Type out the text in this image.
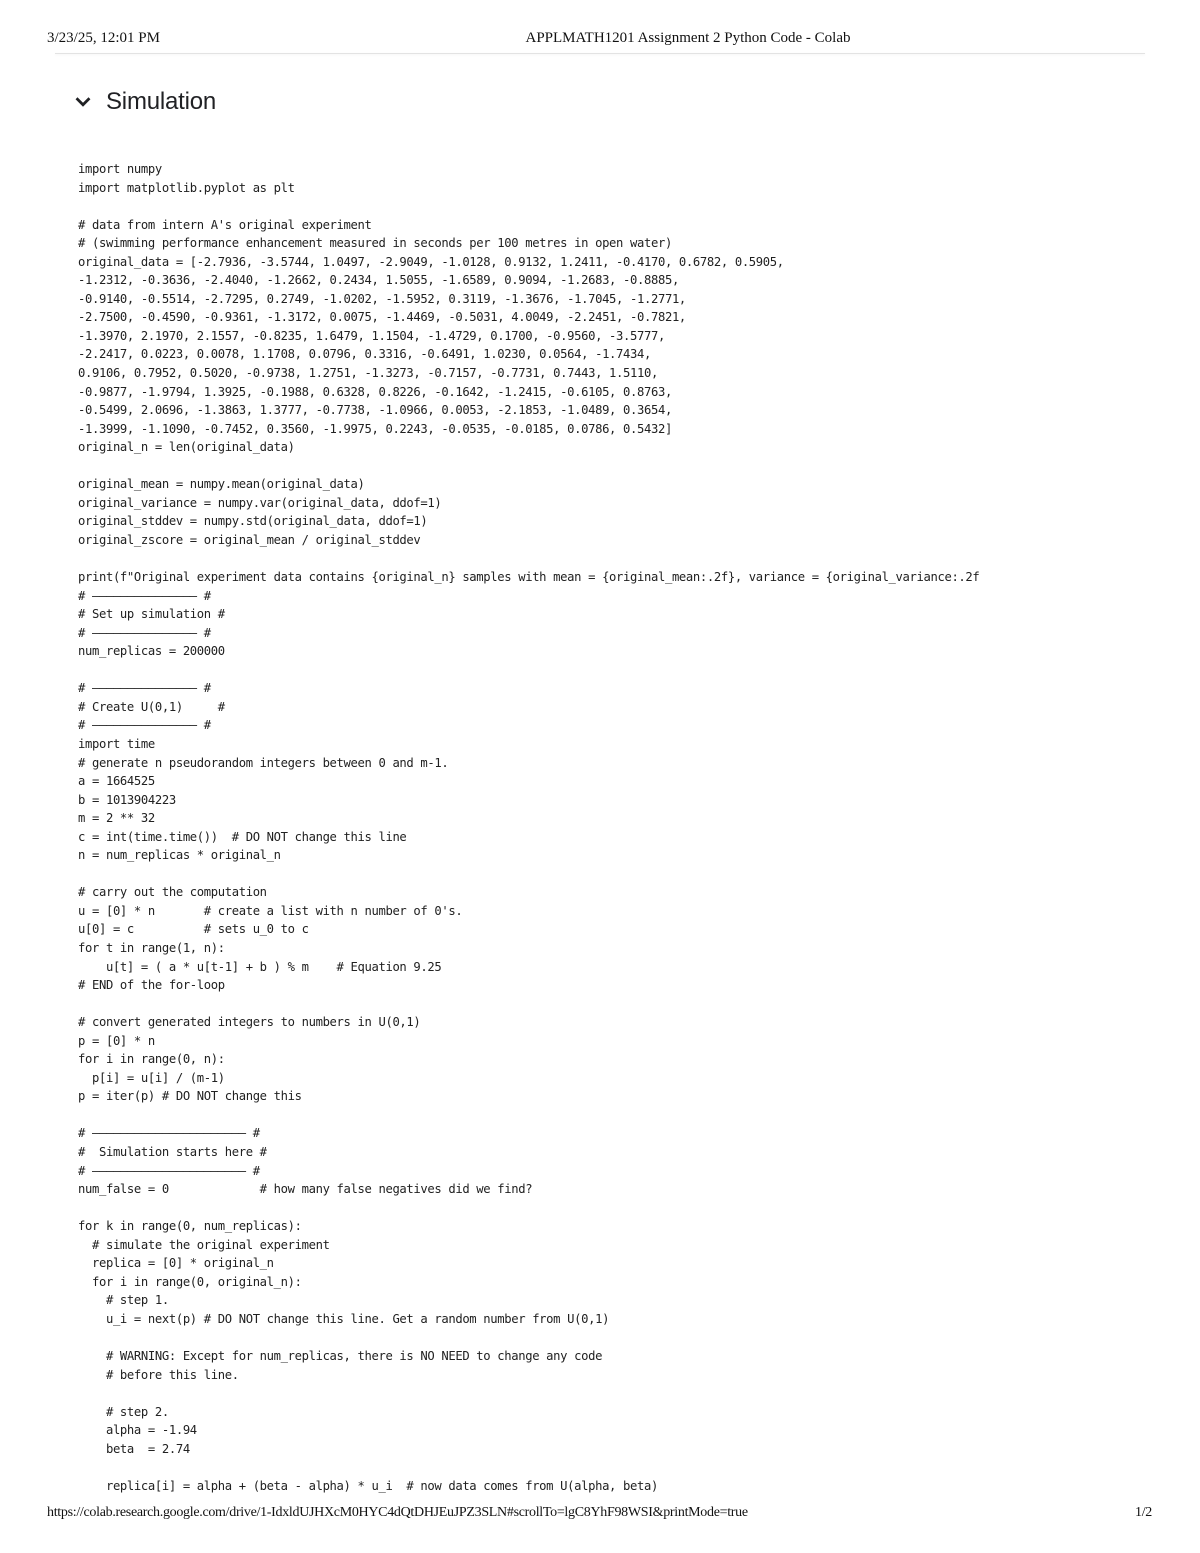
3/23/25, 12:01 PM	APPLMATH1201 Assignment 2 Python Code - Colab
Simulation
import numpy
import matplotlib.pyplot as plt

# data from intern A's original experiment
# (swimming performance enhancement measured in seconds per 100 metres in open water)
original_data = [-2.7936, -3.5744, 1.0497, -2.9049, -1.0128, 0.9132, 1.2411, -0.4170, 0.6782, 0.5905,
-1.2312, -0.3636, -2.4040, -1.2662, 0.2434, 1.5055, -1.6589, 0.9094, -1.2683, -0.8885,
-0.9140, -0.5514, -2.7295, 0.2749, -1.0202, -1.5952, 0.3119, -1.3676, -1.7045, -1.2771,
-2.7500, -0.4590, -0.9361, -1.3172, 0.0075, -1.4469, -0.5031, 4.0049, -2.2451, -0.7821,
-1.3970, 2.1970, 2.1557, -0.8235, 1.6479, 1.1504, -1.4729, 0.1700, -0.9560, -3.5777,
-2.2417, 0.0223, 0.0078, 1.1708, 0.0796, 0.3316, -0.6491, 1.0230, 0.0564, -1.7434,
0.9106, 0.7952, 0.5020, -0.9738, 1.2751, -1.3273, -0.7157, -0.7731, 0.7443, 1.5110,
-0.9877, -1.9794, 1.3925, -0.1988, 0.6328, 0.8226, -0.1642, -1.2415, -0.6105, 0.8763,
-0.5499, 2.0696, -1.3863, 1.3777, -0.7738, -1.0966, 0.0053, -2.1853, -1.0489, 0.3654,
-1.3999, -1.1090, -0.7452, 0.3560, -1.9975, 0.2243, -0.0535, -0.0185, 0.0786, 0.5432]
original_n = len(original_data)

original_mean = numpy.mean(original_data)
original_variance = numpy.var(original_data, ddof=1)
original_stddev = numpy.std(original_data, ddof=1)
original_zscore = original_mean / original_stddev

print(f"Original experiment data contains {original_n} samples with mean = {original_mean:.2f}, variance = {original_variance:.2f
# ——————————————— #
# Set up simulation #
# ——————————————— #
num_replicas = 200000

# ——————————————— #
# Create U(0,1)     #
# ——————————————— #
import time
# generate n pseudorandom integers between 0 and m-1.
a = 1664525
b = 1013904223
m = 2 ** 32
c = int(time.time())  # DO NOT change this line
n = num_replicas * original_n

# carry out the computation
u = [0] * n       # create a list with n number of 0's.
u[0] = c          # sets u_0 to c
for t in range(1, n):
u[t] = ( a * u[t-1] + b ) % m    # Equation 9.25
# END of the for-loop

# convert generated integers to numbers in U(0,1)
p = [0] * n
for i in range(0, n):
p[i] = u[i] / (m-1)
p = iter(p) # DO NOT change this

# —————————————————————— #
#  Simulation starts here #
# —————————————————————— #
num_false = 0             # how many false negatives did we find?

for k in range(0, num_replicas):
# simulate the original experiment
replica = [0] * original_n
for i in range(0, original_n):
# step 1.
u_i = next(p) # DO NOT change this line. Get a random number from U(0,1)

# WARNING: Except for num_replicas, there is NO NEED to change any code
# before this line.

# step 2.
alpha = -1.94
beta  = 2.74

replica[i] = alpha + (beta - alpha) * u_i  # now data comes from U(alpha, beta)

https://colab.research.google.com/drive/1-IdxldUJHXcM0HYC4dQtDHJEuJPZ3SLN#scrollTo=lgC8YhF98WSI&printMode=true	1/2
